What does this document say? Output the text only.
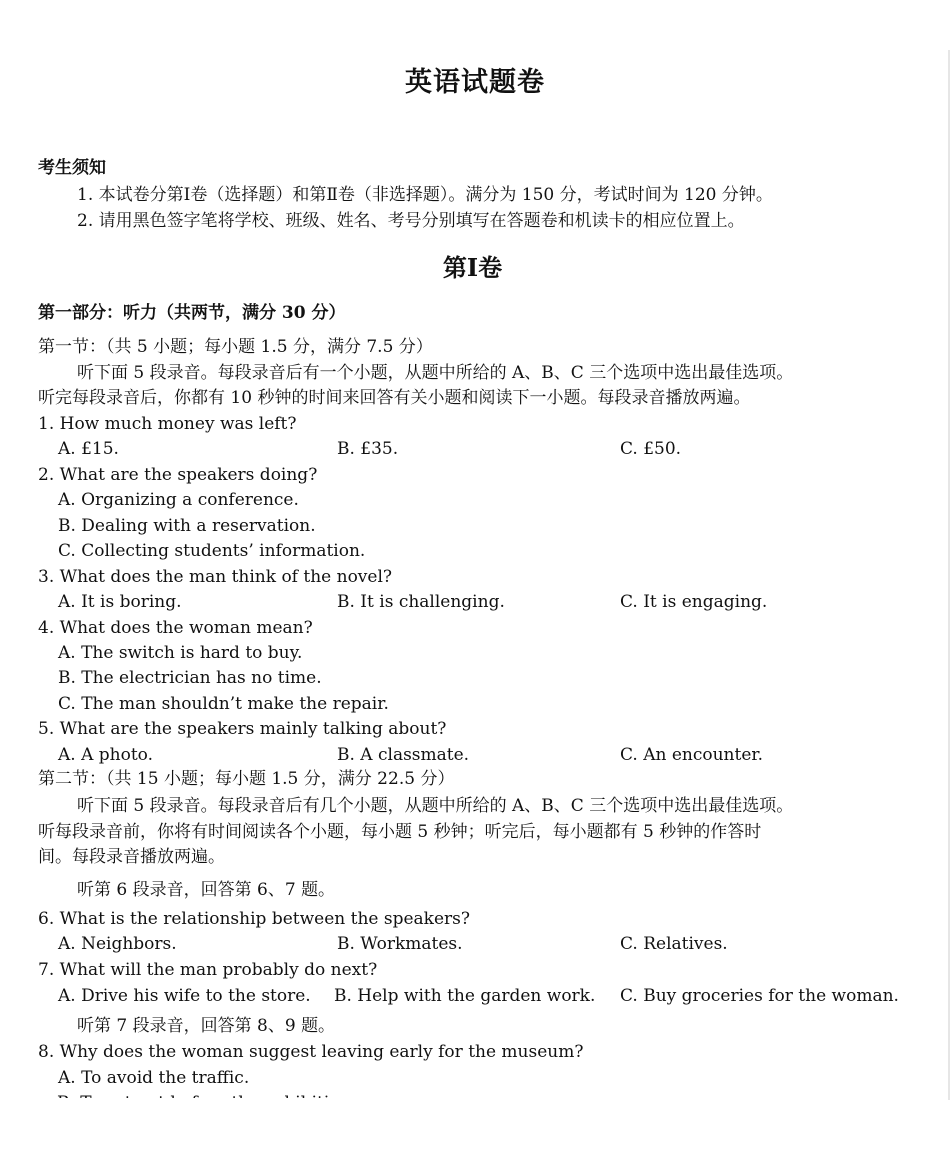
英语试题卷
考生须知
1. 本试卷分第Ⅰ卷（选择题）和第Ⅱ卷（非选择题）。满分为 150 分，考试时间为 120 分钟。
2. 请用黑色签字笔将学校、班级、姓名、考号分别填写在答题卷和机读卡的相应位置上。
第Ⅰ卷
第一部分：听力（共两节，满分 30 分）
第一节：（共 5 小题；每小题 1.5 分，满分 7.5 分）
听下面 5 段录音。每段录音后有一个小题，从题中所给的 A、B、C 三个选项中选出最佳选项。
听完每段录音后，你都有 10 秒钟的时间来回答有关小题和阅读下一小题。每段录音播放两遍。
1. How much money was left?
A. £15.	B. £35.	C. £50.
2. What are the speakers doing?
A. Organizing a conference.
B. Dealing with a reservation.
C. Collecting students’ information.
3. What does the man think of the novel?
A. It is boring.	B. It is challenging.	C. It is engaging.
4. What does the woman mean?
A. The switch is hard to buy.
B. The electrician has no time.
C. The man shouldn’t make the repair.
5. What are the speakers mainly talking about?
A. A photo.	B. A classmate.	C. An encounter.
第二节：（共 15 小题；每小题 1.5 分，满分 22.5 分）
听下面 5 段录音。每段录音后有几个小题，从题中所给的 A、B、C 三个选项中选出最佳选项。
听每段录音前，你将有时间阅读各个小题，每小题 5 秒钟；听完后，每小题都有 5 秒钟的作答时
间。每段录音播放两遍。
听第 6 段录音，回答第 6、7 题。
6. What is the relationship between the speakers?
A. Neighbors.	B. Workmates.	C. Relatives.
7. What will the man probably do next?
A. Drive his wife to the store. B. Help with the garden work. C. Buy groceries for the woman.
听第 7 段录音，回答第 8、9 题。
8. Why does the woman suggest leaving early for the museum?
A. To avoid the traffic.
